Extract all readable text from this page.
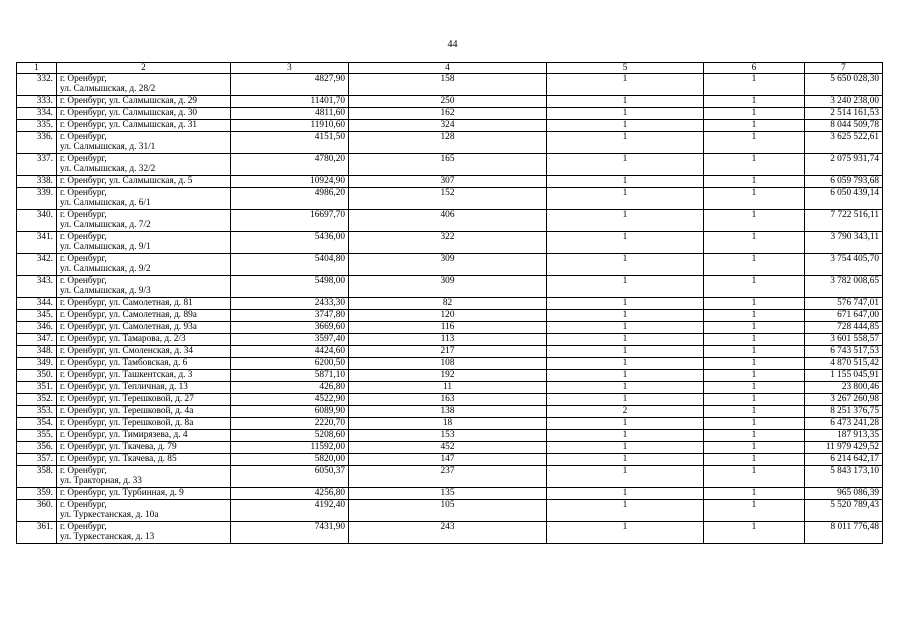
44
1	2	3	4	5	6	7
332.	г. Оренбург,
ул. Салмышская, д. 28/2	4827,90	158	1	1	5 650 028,30
333.	г. Оренбург, ул. Салмышская, д. 29	11401,70	250	1	1	3 240 238,00
334.	г. Оренбург, ул. Салмышская, д. 30	4811,60	162	1	1	2 514 161,53
335.	г. Оренбург, ул. Салмышская, д. 31	11910,60	324	1	1	8 044 509,78
336.	г. Оренбург,
ул. Салмышская, д. 31/1	4151,50	128	1	1	3 625 522,61
337.	г. Оренбург,
ул. Салмышская, д. 32/2	4780,20	165	1	1	2 075 931,74
338.	г. Оренбург, ул. Салмышская, д. 5	10924,90	307	1	1	6 059 793,68
339.	г. Оренбург,
ул. Салмышская, д. 6/1	4986,20	152	1	1	6 050 439,14
340.	г. Оренбург,
ул. Салмышская, д. 7/2	16697,70	406	1	1	7 722 516,11
341.	г. Оренбург,
ул. Салмышская, д. 9/1	5436,00	322	1	1	3 790 343,11
342.	г. Оренбург,
ул. Салмышская, д. 9/2	5404,80	309	1	1	3 754 405,70
343.	г. Оренбург,
ул. Салмышская, д. 9/3	5498,00	309	1	1	3 782 008,65
344.	г. Оренбург, ул. Самолетная, д. 81	2433,30	82	1	1	576 747,01
345.	г. Оренбург, ул. Самолетная, д. 89а	3747,80	120	1	1	671 647,00
346.	г. Оренбург, ул. Самолетная, д. 93а	3669,60	116	1	1	728 444,85
347.	г. Оренбург, ул. Тамарова, д. 2/3	3597,40	113	1	1	3 601 558,57
348.	г. Оренбург, ул. Смоленская, д. 34	4424,60	217	1	1	6 743 517,53
349.	г. Оренбург, ул. Тамбовская, д. 6	6200,50	108	1	1	4 870 515,42
350.	г. Оренбург, ул. Ташкентская, д. 3	5871,10	192	1	1	1 155 045,91
351.	г. Оренбург, ул. Тепличная, д. 13	426,80	11	1	1	23 800,46
352.	г. Оренбург, ул. Терешковой, д. 27	4522,90	163	1	1	3 267 260,98
353.	г. Оренбург, ул. Терешковой, д. 4а	6089,90	138	2	1	8 251 376,75
354.	г. Оренбург, ул. Терешковой, д. 8а	2220,70	18	1	1	6 473 241,28
355.	г. Оренбург, ул. Тимирязева, д. 4	5208,60	153	1	1	187 913,35
356.	г. Оренбург, ул. Ткачева, д. 79	11592,00	452	1	1	11 979 429,52
357.	г. Оренбург, ул. Ткачева, д. 85	5820,00	147	1	1	6 214 642,17
358.	г. Оренбург,
ул. Тракторная, д. 33	6050,37	237	1	1	5 843 173,10
359.	г. Оренбург, ул. Турбинная, д. 9	4256,80	135	1	1	965 086,39
360.	г. Оренбург,
ул. Туркестанская, д. 10а	4192,40	105	1	1	5 520 789,43
361.	г. Оренбург,
ул. Туркестанская, д. 13	7431,90	243	1	1	8 011 776,48
